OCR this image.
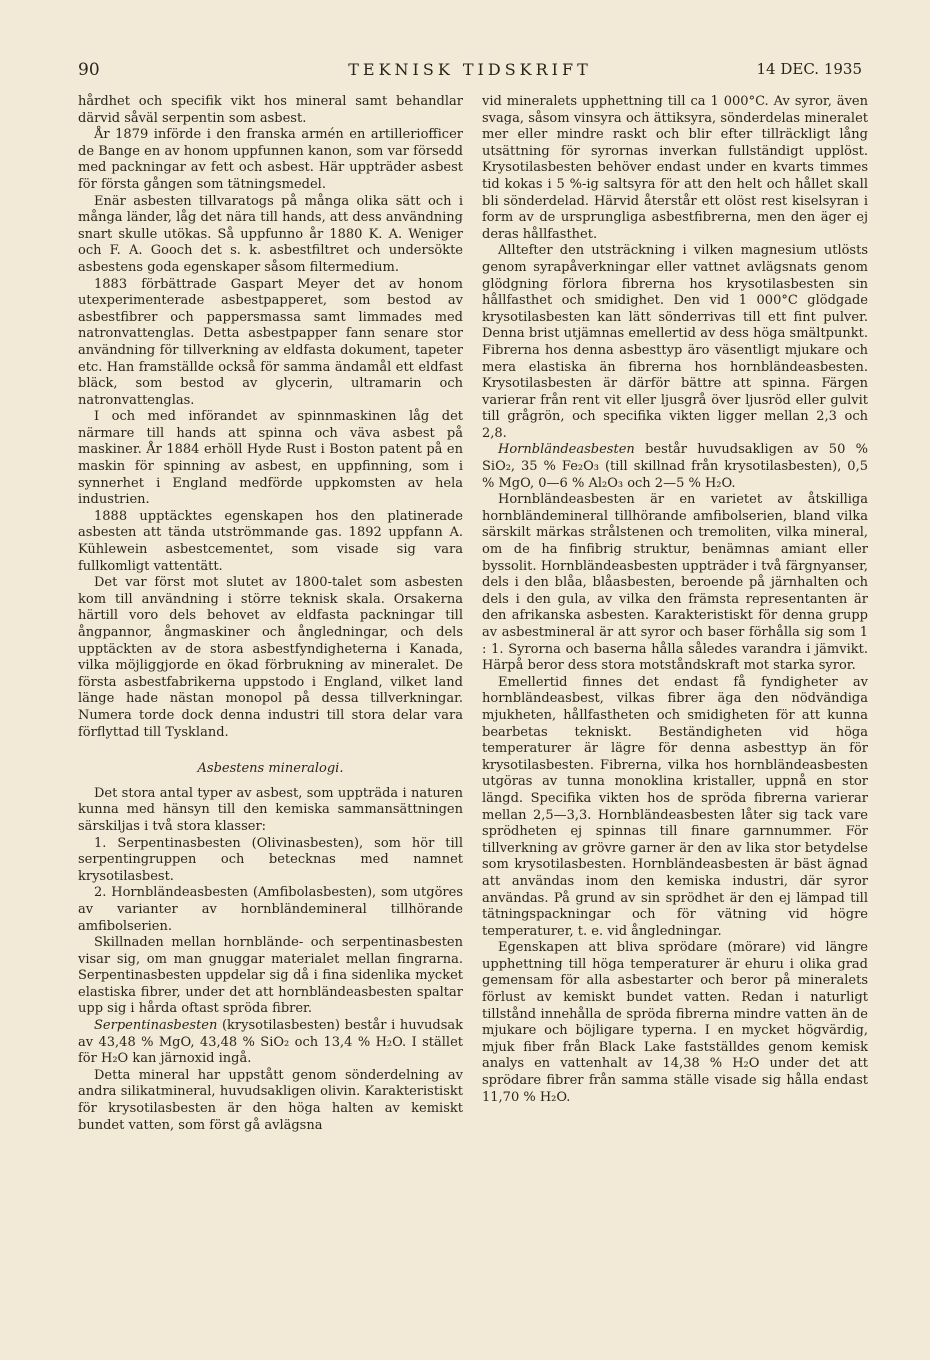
90	TEKNISK TIDSKRIFT	14 DEC. 1935

hårdhet och specifik vikt hos mineral samt behandlar därvid såväl serpentin som asbest.

År 1879 införde i den franska armén en artilleriofficer de Bange en av honom uppfunnen kanon, som var försedd med packningar av fett och asbest. Här uppträder asbest för första gången som tätningsmedel.

Enär asbesten tillvaratogs på många olika sätt och i många länder, låg det nära till hands, att dess användning snart skulle utökas. Så uppfunno år 1880 K. A. Weniger och F. A. Gooch det s. k. asbestfiltret och undersökte asbestens goda egenskaper såsom filtermedium.

1883 förbättrade Gaspart Meyer det av honom utexperimenterade asbestpapperet, som bestod av asbestfibrer och pappersmassa samt limmades med natronvattenglas. Detta asbestpapper fann senare stor användning för tillverkning av eldfasta dokument, tapeter etc. Han framställde också för samma ändamål ett eldfast bläck, som bestod av glycerin, ultramarin och natronvattenglas.

I och med införandet av spinnmaskinen låg det närmare till hands att spinna och väva asbest på maskiner. År 1884 erhöll Hyde Rust i Boston patent på en maskin för spinning av asbest, en uppfinning, som i synnerhet i England medförde uppkomsten av hela industrien.

1888 upptäcktes egenskapen hos den platinerade asbesten att tända utströmmande gas. 1892 uppfann A. Kühlewein asbestcementet, som visade sig vara fullkomligt vattentätt.

Det var först mot slutet av 1800-talet som asbesten kom till användning i större teknisk skala. Orsakerna härtill voro dels behovet av eldfasta packningar till ångpannor, ångmaskiner och ångledningar, och dels upptäckten av de stora asbestfyndigheterna i Kanada, vilka möjliggjorde en ökad förbrukning av mineralet. De första asbestfabrikerna uppstodo i England, vilket land länge hade nästan monopol på dessa tillverkningar. Numera torde dock denna industri till stora delar vara förflyttad till Tyskland.

Asbestens mineralogi.

Det stora antal typer av asbest, som uppträda i naturen kunna med hänsyn till den kemiska sammansättningen särskiljas i två stora klasser:

1. Serpentinasbesten (Olivinasbesten), som hör till serpentingruppen och betecknas med namnet krysotilasbest.

2. Hornbländeasbesten (Amfibolasbesten), som utgöres av varianter av hornbländemineral tillhörande amfibolserien.

Skillnaden mellan hornblände- och serpentinasbesten visar sig, om man gnuggar materialet mellan fingrarna. Serpentinasbesten uppdelar sig då i fina sidenlika mycket elastiska fibrer, under det att hornbländeasbesten spaltar upp sig i hårda oftast spröda fibrer.

Serpentinasbesten (krysotilasbesten) består i huvudsak av 43,48 % MgO, 43,48 % SiO₂ och 13,4 % H₂O. I stället för H₂O kan järnoxid ingå.

Detta mineral har uppstått genom sönderdelning av andra silikatmineral, huvudsakligen olivin. Karakteristiskt för krysotilasbesten är den höga halten av kemiskt bundet vatten, som först gå avlägsna

vid mineralets upphettning till ca 1 000°C. Av syror, även svaga, såsom vinsyra och ättiksyra, sönderdelas mineralet mer eller mindre raskt och blir efter tillräckligt lång utsättning för syrornas inverkan fullständigt upplöst. Krysotilasbesten behöver endast under en kvarts timmes tid kokas i 5 %-ig saltsyra för att den helt och hållet skall bli sönderdelad. Härvid återstår ett olöst rest kiselsyran i form av de ursprungliga asbestfibrerna, men den äger ej deras hållfasthet.

Alltefter den utsträckning i vilken magnesium utlösts genom syrapåverkningar eller vattnet avlägsnats genom glödgning förlora fibrerna hos krysotilasbesten sin hållfasthet och smidighet. Den vid 1 000°C glödgade krysotilasbesten kan lätt sönderrivas till ett fint pulver. Denna brist utjämnas emellertid av dess höga smältpunkt. Fibrerna hos denna asbesttyp äro väsentligt mjukare och mera elastiska än fibrerna hos hornbländeasbesten. Krysotilasbesten är därför bättre att spinna. Färgen varierar från rent vit eller ljusgrå över ljusröd eller gulvit till grågrön, och specifika vikten ligger mellan 2,3 och 2,8.

Hornbländeasbesten består huvudsakligen av 50 % SiO₂, 35 % Fe₂O₃ (till skillnad från krysotilasbesten), 0,5 % MgO, 0—6 % Al₂O₃ och 2—5 % H₂O.

Hornbländeasbesten är en varietet av åtskilliga hornbländemineral tillhörande amfibolserien, bland vilka särskilt märkas strålstenen och tremoliten, vilka mineral, om de ha finfibrig struktur, benämnas amiant eller byssolit. Hornbländeasbesten uppträder i två färgnyanser, dels i den blåa, blåasbesten, beroende på järnhalten och dels i den gula, av vilka den främsta representanten är den afrikanska asbesten. Karakteristiskt för denna grupp av asbestmineral är att syror och baser förhålla sig som 1 : 1. Syrorna och baserna hålla således varandra i jämvikt. Härpå beror dess stora motståndskraft mot starka syror.

Emellertid finnes det endast få fyndigheter av hornbländeasbest, vilkas fibrer äga den nödvändiga mjukheten, hållfastheten och smidigheten för att kunna bearbetas tekniskt. Beständigheten vid höga temperaturer är lägre för denna asbesttyp än för krysotilasbesten. Fibrerna, vilka hos hornbländeasbesten utgöras av tunna monoklina kristaller, uppnå en stor längd. Specifika vikten hos de spröda fibrerna varierar mellan 2,5—3,3. Hornbländeasbesten låter sig tack vare sprödheten ej spinnas till finare garnnummer. För tillverkning av grövre garner är den av lika stor betydelse som krysotilasbesten. Hornbländeasbesten är bäst ägnad att användas inom den kemiska industri, där syror användas. På grund av sin sprödhet är den ej lämpad till tätningspackningar och för vätning vid högre temperaturer, t. e. vid ångledningar.

Egenskapen att bliva sprödare (mörare) vid längre upphettning till höga temperaturer är ehuru i olika grad gemensam för alla asbestarter och beror på mineralets förlust av kemiskt bundet vatten. Redan i naturligt tillstånd innehålla de spröda fibrerna mindre vatten än de mjukare och böjligare typerna. I en mycket högvärdig, mjuk fiber från Black Lake fastställdes genom kemisk analys en vattenhalt av 14,38 % H₂O under det att sprödare fibrer från samma ställe visade sig hålla endast 11,70 % H₂O.
